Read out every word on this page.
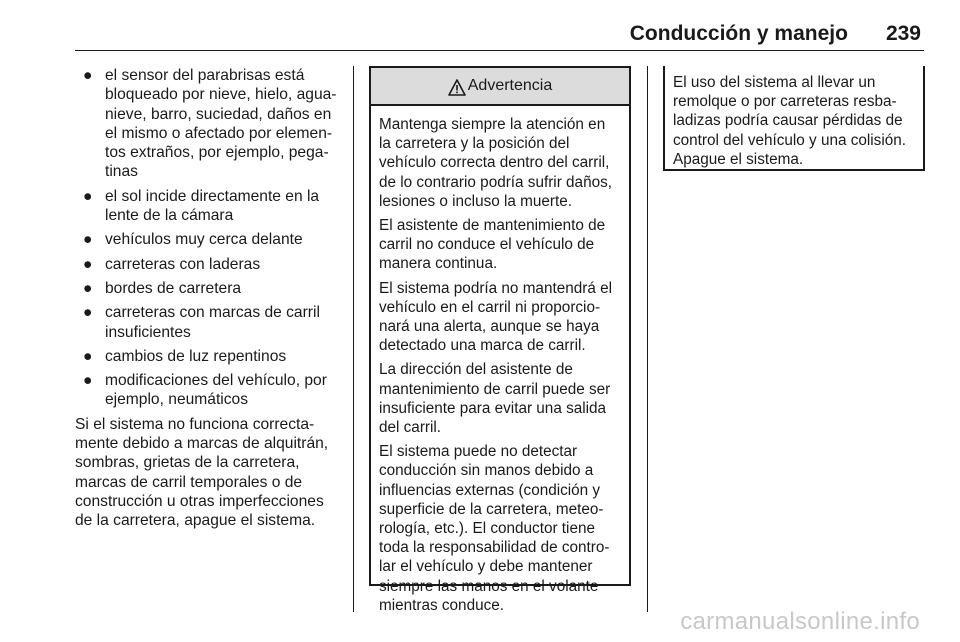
Conducción y manejo 239
● el sensor del parabrisas está
bloqueado por nieve, hielo, agua-
nieve, barro, suciedad, daños en
el mismo o afectado por elemen-
tos extraños, por ejemplo, pega-
tinas
● el sol incide directamente en la
lente de la cámara
● vehículos muy cerca delante
● carreteras con laderas
● bordes de carretera
● carreteras con marcas de carril
insuficientes
● cambios de luz repentinos
● modificaciones del vehículo, por
ejemplo, neumáticos

Si el sistema no funciona correcta-
mente debido a marcas de alquitrán,
sombras, grietas de la carretera,
marcas de carril temporales o de
construcción u otras imperfecciones
de la carretera, apague el sistema.

Advertencia

Mantenga siempre la atención en
la carretera y la posición del
vehículo correcta dentro del carril,
de lo contrario podría sufrir daños,
lesiones o incluso la muerte.

El asistente de mantenimiento de
carril no conduce el vehículo de
manera continua.

El sistema podría no mantendrá el
vehículo en el carril ni proporcio-
nará una alerta, aunque se haya
detectado una marca de carril.

La dirección del asistente de
mantenimiento de carril puede ser
insuficiente para evitar una salida
del carril.

El sistema puede no detectar
conducción sin manos debido a
influencias externas (condición y
superficie de la carretera, meteo-
rología, etc.). El conductor tiene
toda la responsabilidad de contro-
lar el vehículo y debe mantener
siempre las manos en el volante
mientras conduce.

El uso del sistema al llevar un
remolque o por carreteras resba-
ladizas podría causar pérdidas de
control del vehículo y una colisión.
Apague el sistema.

carmanualsonline.info
